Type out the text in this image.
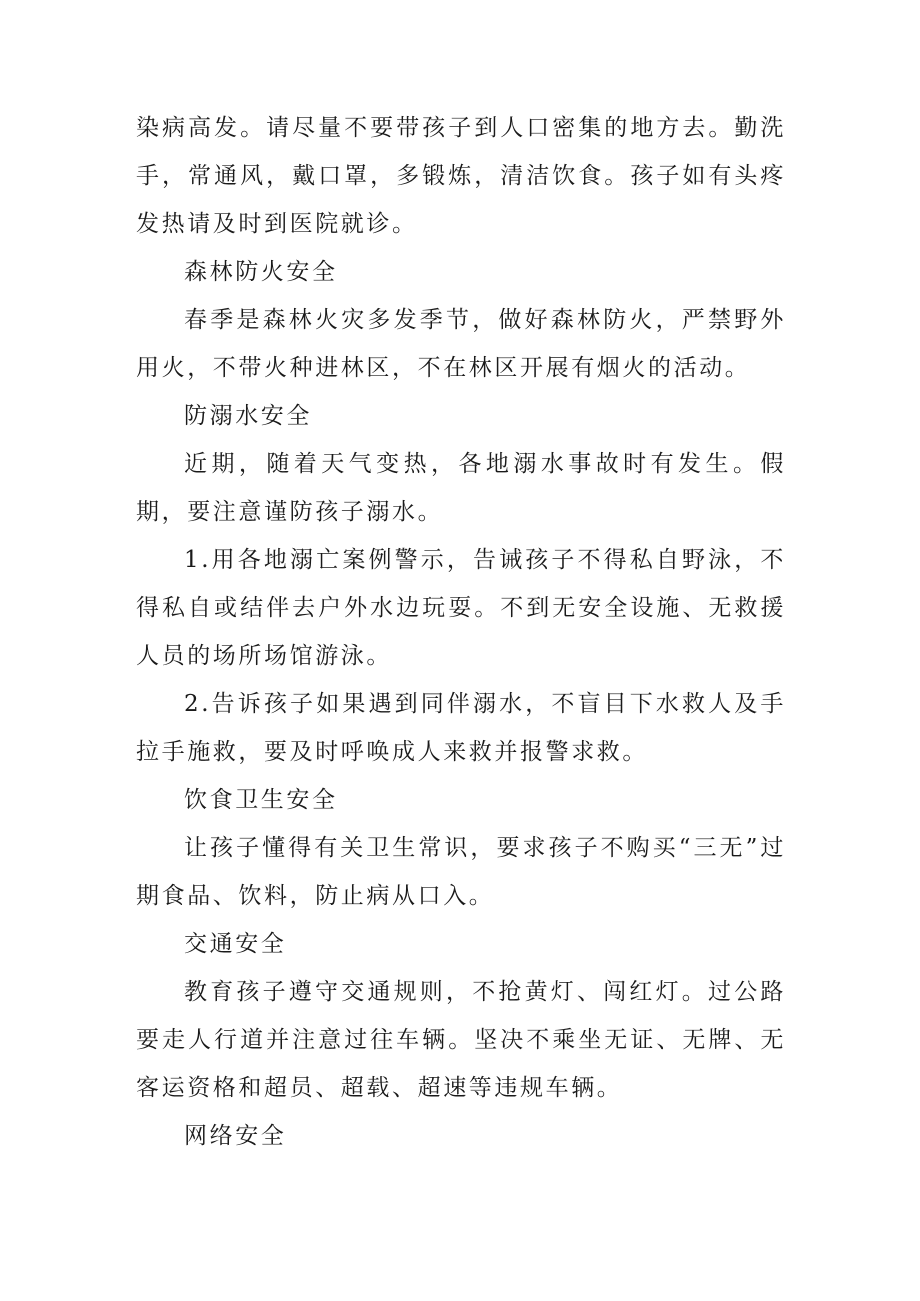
染病高发。请尽量不要带孩子到人口密集的地方去。勤洗手，常通风，戴口罩，多锻炼，清洁饮食。孩子如有头疼发热请及时到医院就诊。

森林防火安全

春季是森林火灾多发季节，做好森林防火，严禁野外用火，不带火种进林区，不在林区开展有烟火的活动。

防溺水安全

近期，随着天气变热，各地溺水事故时有发生。假期，要注意谨防孩子溺水。

1.用各地溺亡案例警示，告诫孩子不得私自野泳，不得私自或结伴去户外水边玩耍。不到无安全设施、无救援人员的场所场馆游泳。

2.告诉孩子如果遇到同伴溺水，不盲目下水救人及手拉手施救，要及时呼唤成人来救并报警求救。

饮食卫生安全

让孩子懂得有关卫生常识，要求孩子不购买“三无”过期食品、饮料，防止病从口入。

交通安全

教育孩子遵守交通规则，不抢黄灯、闯红灯。过公路要走人行道并注意过往车辆。坚决不乘坐无证、无牌、无客运资格和超员、超载、超速等违规车辆。

网络安全
